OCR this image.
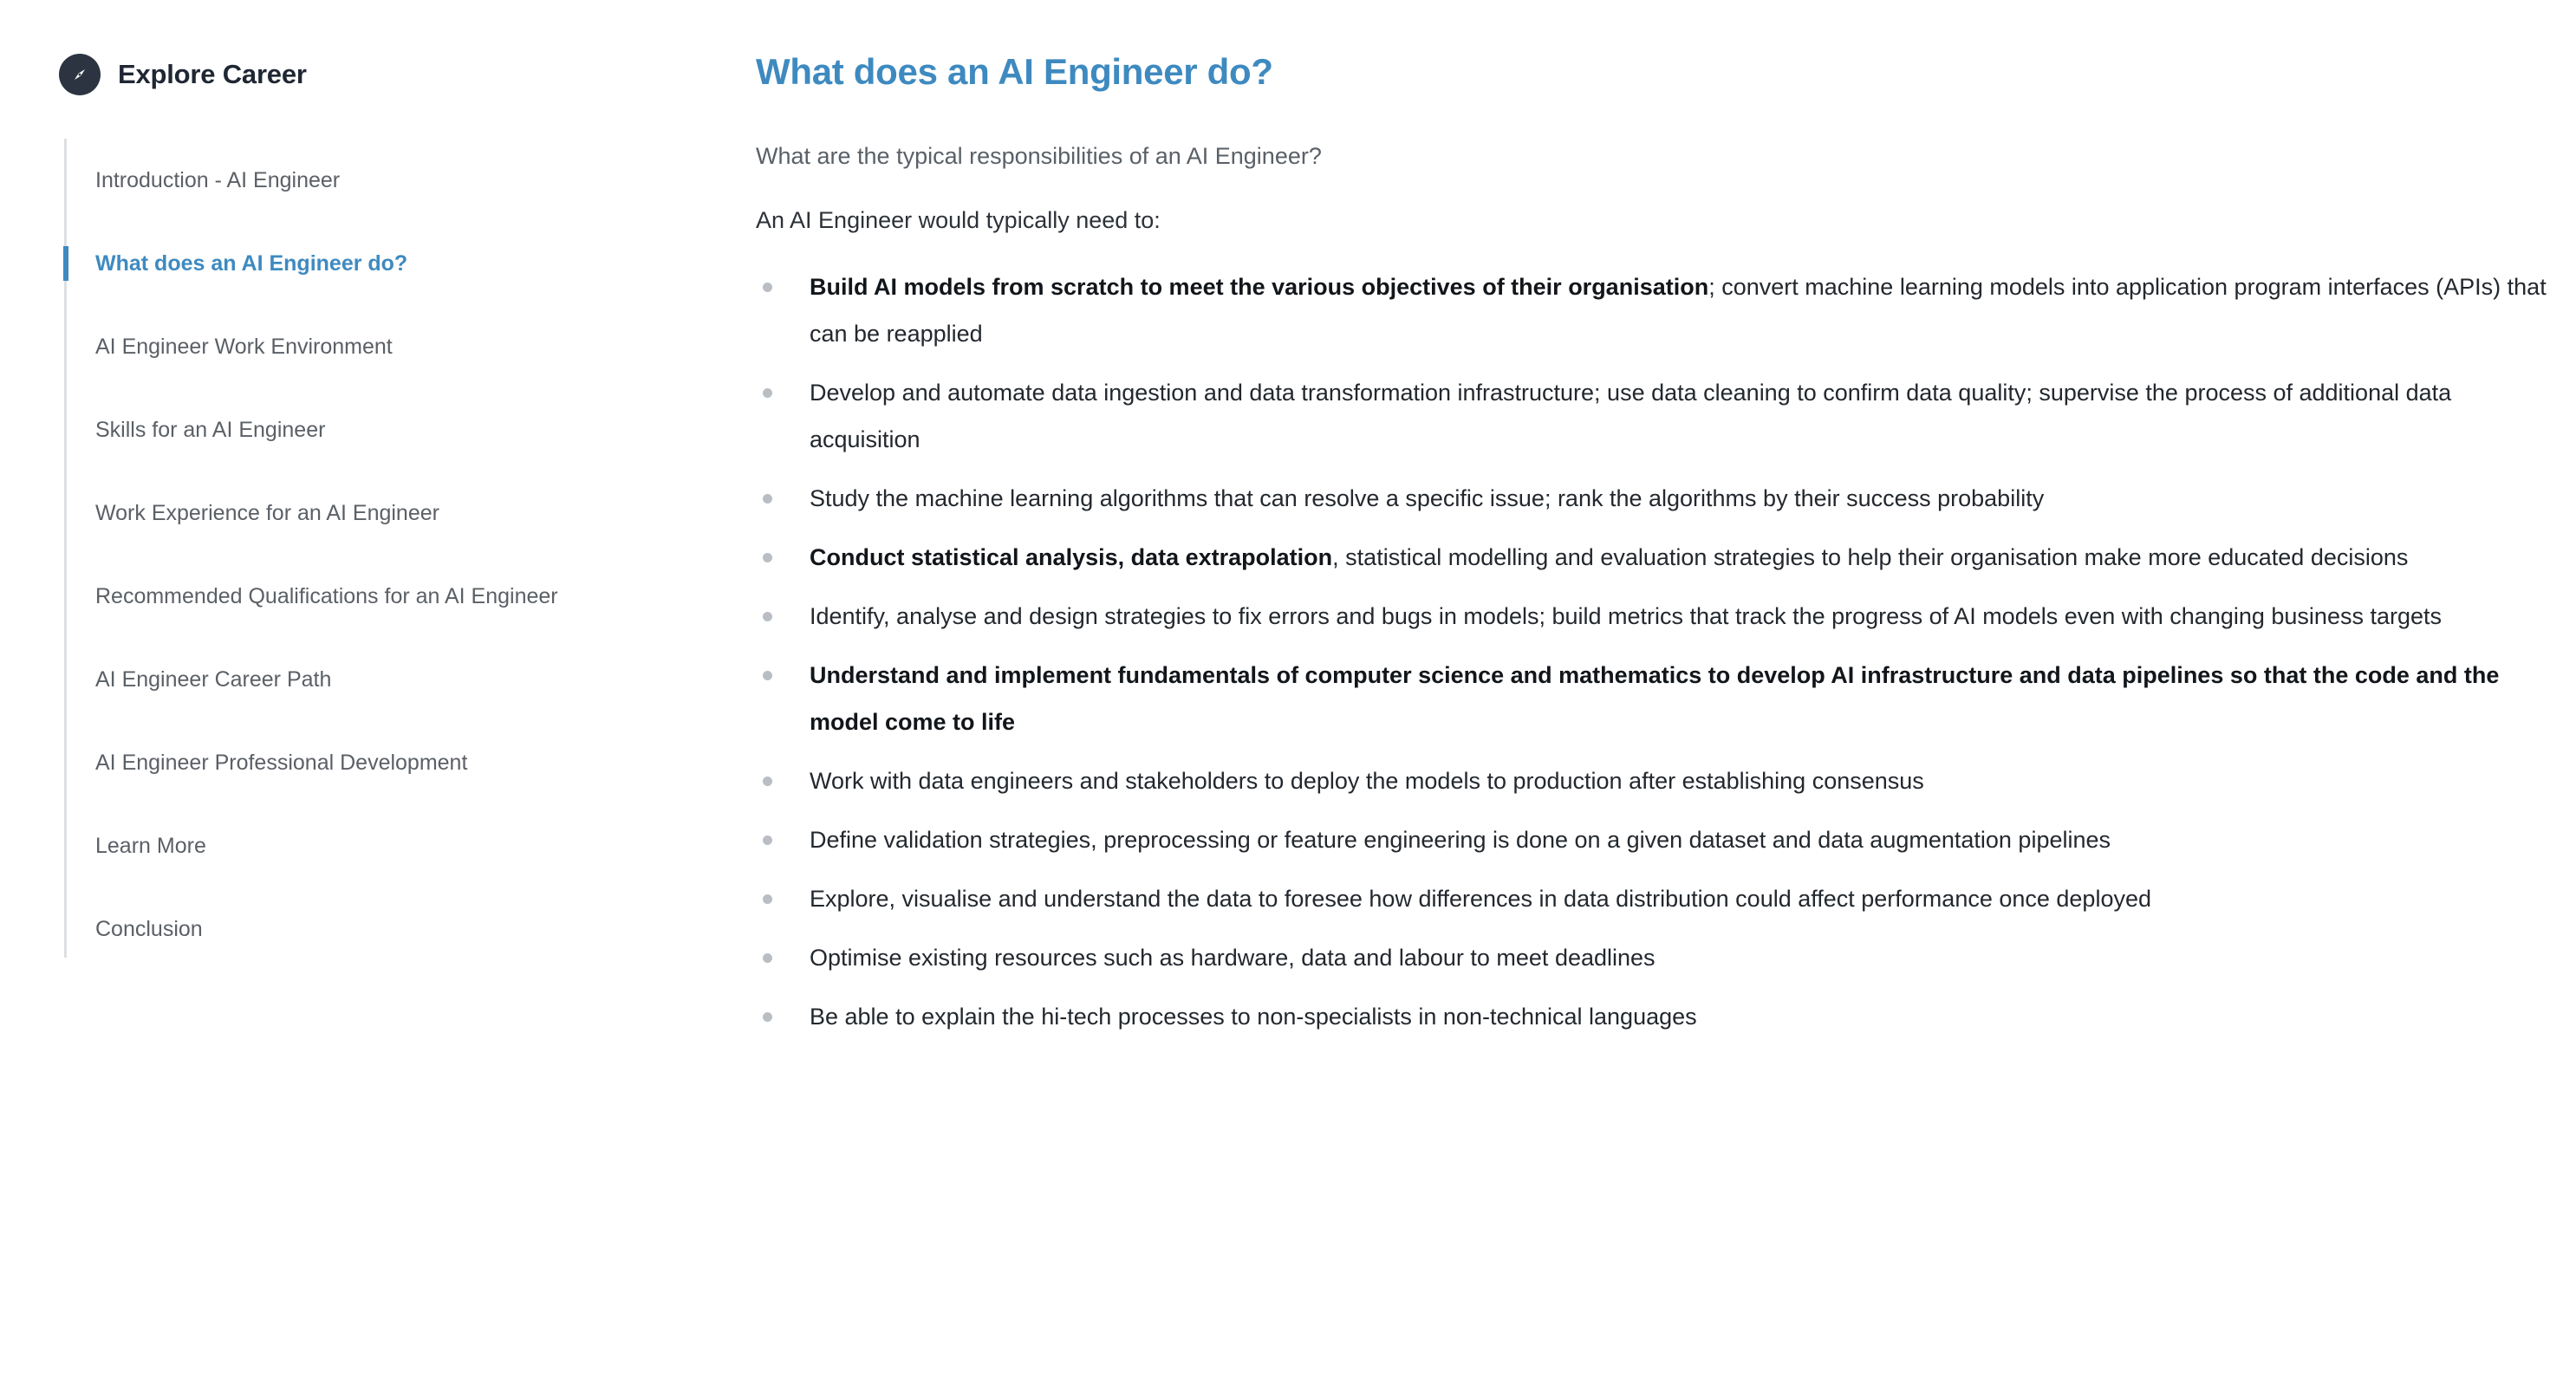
Explore Career
Introduction - AI Engineer
What does an AI Engineer do?
AI Engineer Work Environment
Skills for an AI Engineer
Work Experience for an AI Engineer
Recommended Qualifications for an AI Engineer
AI Engineer Career Path
AI Engineer Professional Development
Learn More
Conclusion
What does an AI Engineer do?

What are the typical responsibilities of an AI Engineer?

An AI Engineer would typically need to:

Build AI models from scratch to meet the various objectives of their organisation; convert machine learning models into application program interfaces (APIs) that can be reapplied
Develop and automate data ingestion and data transformation infrastructure; use data cleaning to confirm data quality; supervise the process of additional data acquisition
Study the machine learning algorithms that can resolve a specific issue; rank the algorithms by their success probability
Conduct statistical analysis, data extrapolation, statistical modelling and evaluation strategies to help their organisation make more educated decisions
Identify, analyse and design strategies to fix errors and bugs in models; build metrics that track the progress of AI models even with changing business targets
Understand and implement fundamentals of computer science and mathematics to develop AI infrastructure and data pipelines so that the code and the model come to life
Work with data engineers and stakeholders to deploy the models to production after establishing consensus
Define validation strategies, preprocessing or feature engineering is done on a given dataset and data augmentation pipelines
Explore, visualise and understand the data to foresee how differences in data distribution could affect performance once deployed
Optimise existing resources such as hardware, data and labour to meet deadlines
Be able to explain the hi-tech processes to non-specialists in non-technical languages
